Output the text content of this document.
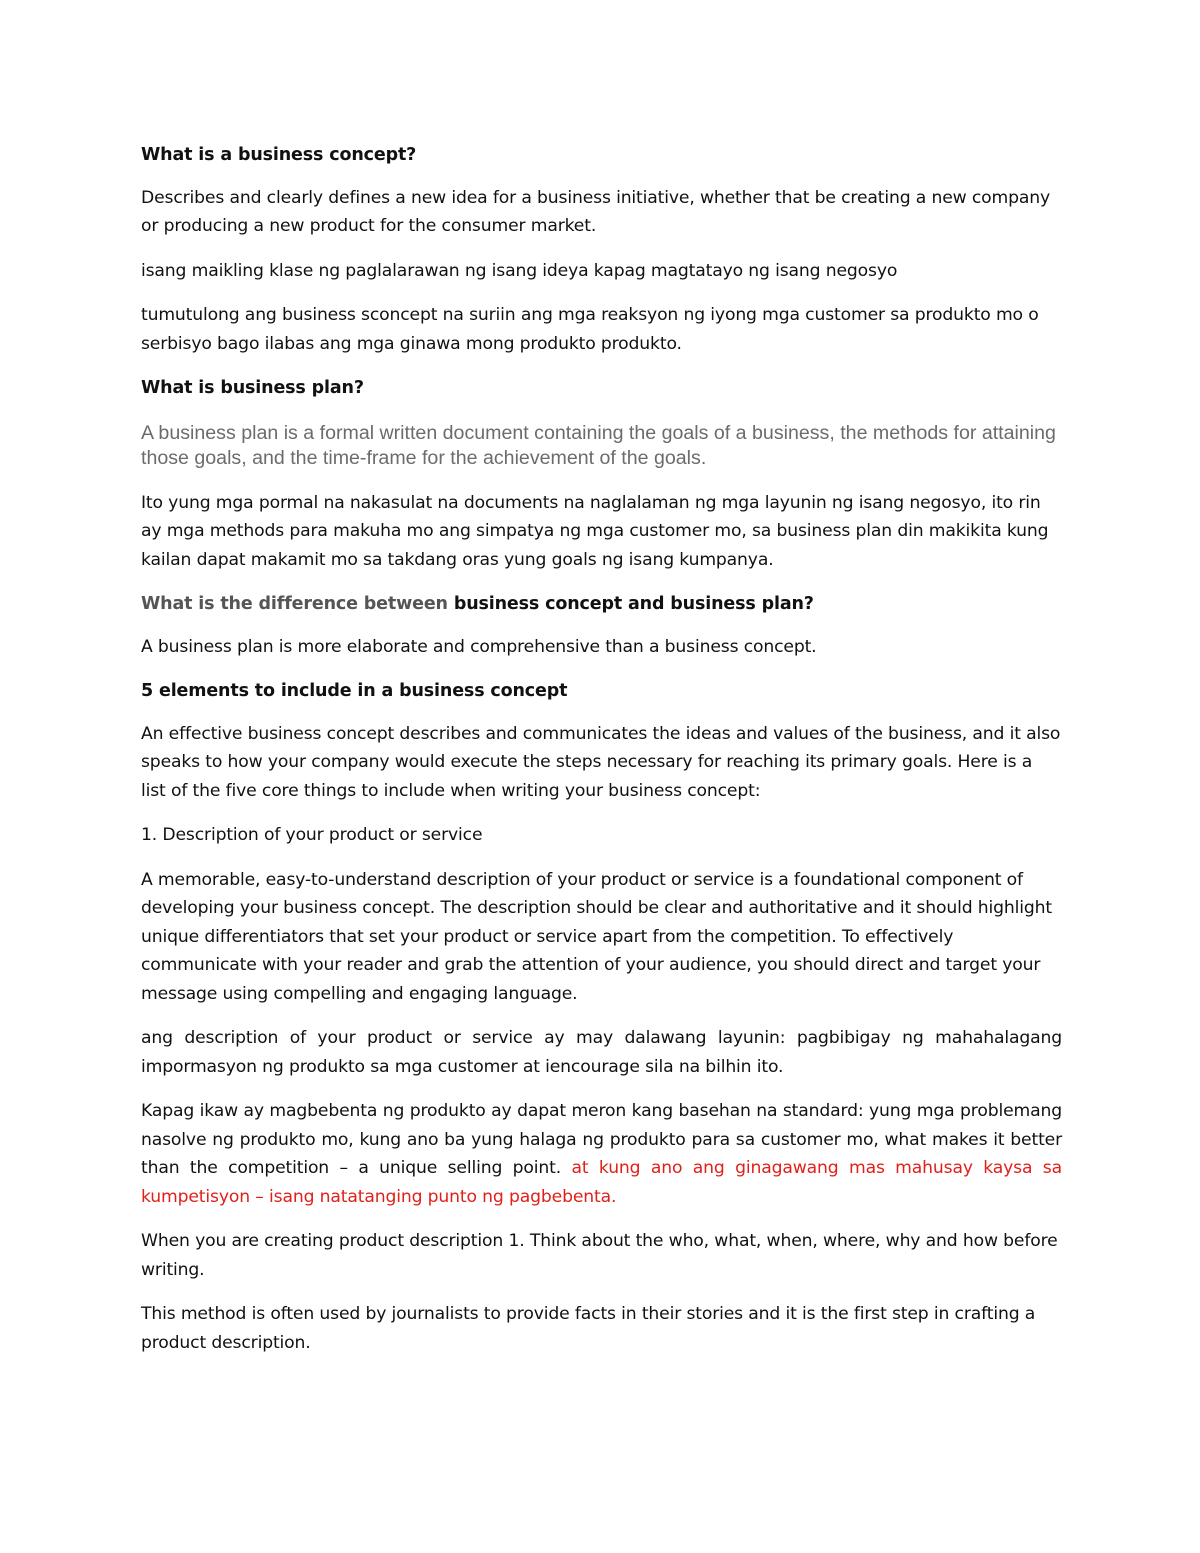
What is a business concept?

Describes and clearly defines a new idea for a business initiative, whether that be creating a new company or producing a new product for the consumer market.

isang maikling klase ng paglalarawan ng isang ideya kapag magtatayo ng isang negosyo

tumutulong ang business sconcept na suriin ang mga reaksyon ng iyong mga customer sa produkto mo o serbisyo bago ilabas ang mga ginawa mong produkto produkto.

What is business plan?

A business plan is a formal written document containing the goals of a business, the methods for attaining those goals, and the time-frame for the achievement of the goals.

Ito yung mga pormal na nakasulat na documents na naglalaman ng mga layunin ng isang negosyo, ito rin ay mga methods para makuha mo ang simpatya ng mga customer mo, sa business plan din makikita kung kailan dapat makamit mo sa takdang oras yung goals ng isang kumpanya.

What is the difference between business concept and business plan?

A business plan is more elaborate and comprehensive than a business concept.

5 elements to include in a business concept

An effective business concept describes and communicates the ideas and values of the business, and it also speaks to how your company would execute the steps necessary for reaching its primary goals. Here is a list of the five core things to include when writing your business concept:

1. Description of your product or service

A memorable, easy-to-understand description of your product or service is a foundational component of developing your business concept. The description should be clear and authoritative and it should highlight unique differentiators that set your product or service apart from the competition. To effectively communicate with your reader and grab the attention of your audience, you should direct and target your message using compelling and engaging language.

ang description of your product or service ay may dalawang layunin: pagbibigay ng mahahalagang impormasyon ng produkto sa mga customer at iencourage sila na bilhin ito.

Kapag ikaw ay magbebenta ng produkto ay dapat meron kang basehan na standard: yung mga problemang nasolve ng produkto mo, kung ano ba yung halaga ng produkto para sa customer mo, what makes it better than the competition – a unique selling point. at kung ano ang ginagawang mas mahusay kaysa sa kumpetisyon – isang natatanging punto ng pagbebenta.

When you are creating product description 1. Think about the who, what, when, where, why and how before writing.

This method is often used by journalists to provide facts in their stories and it is the first step in crafting a product description.
